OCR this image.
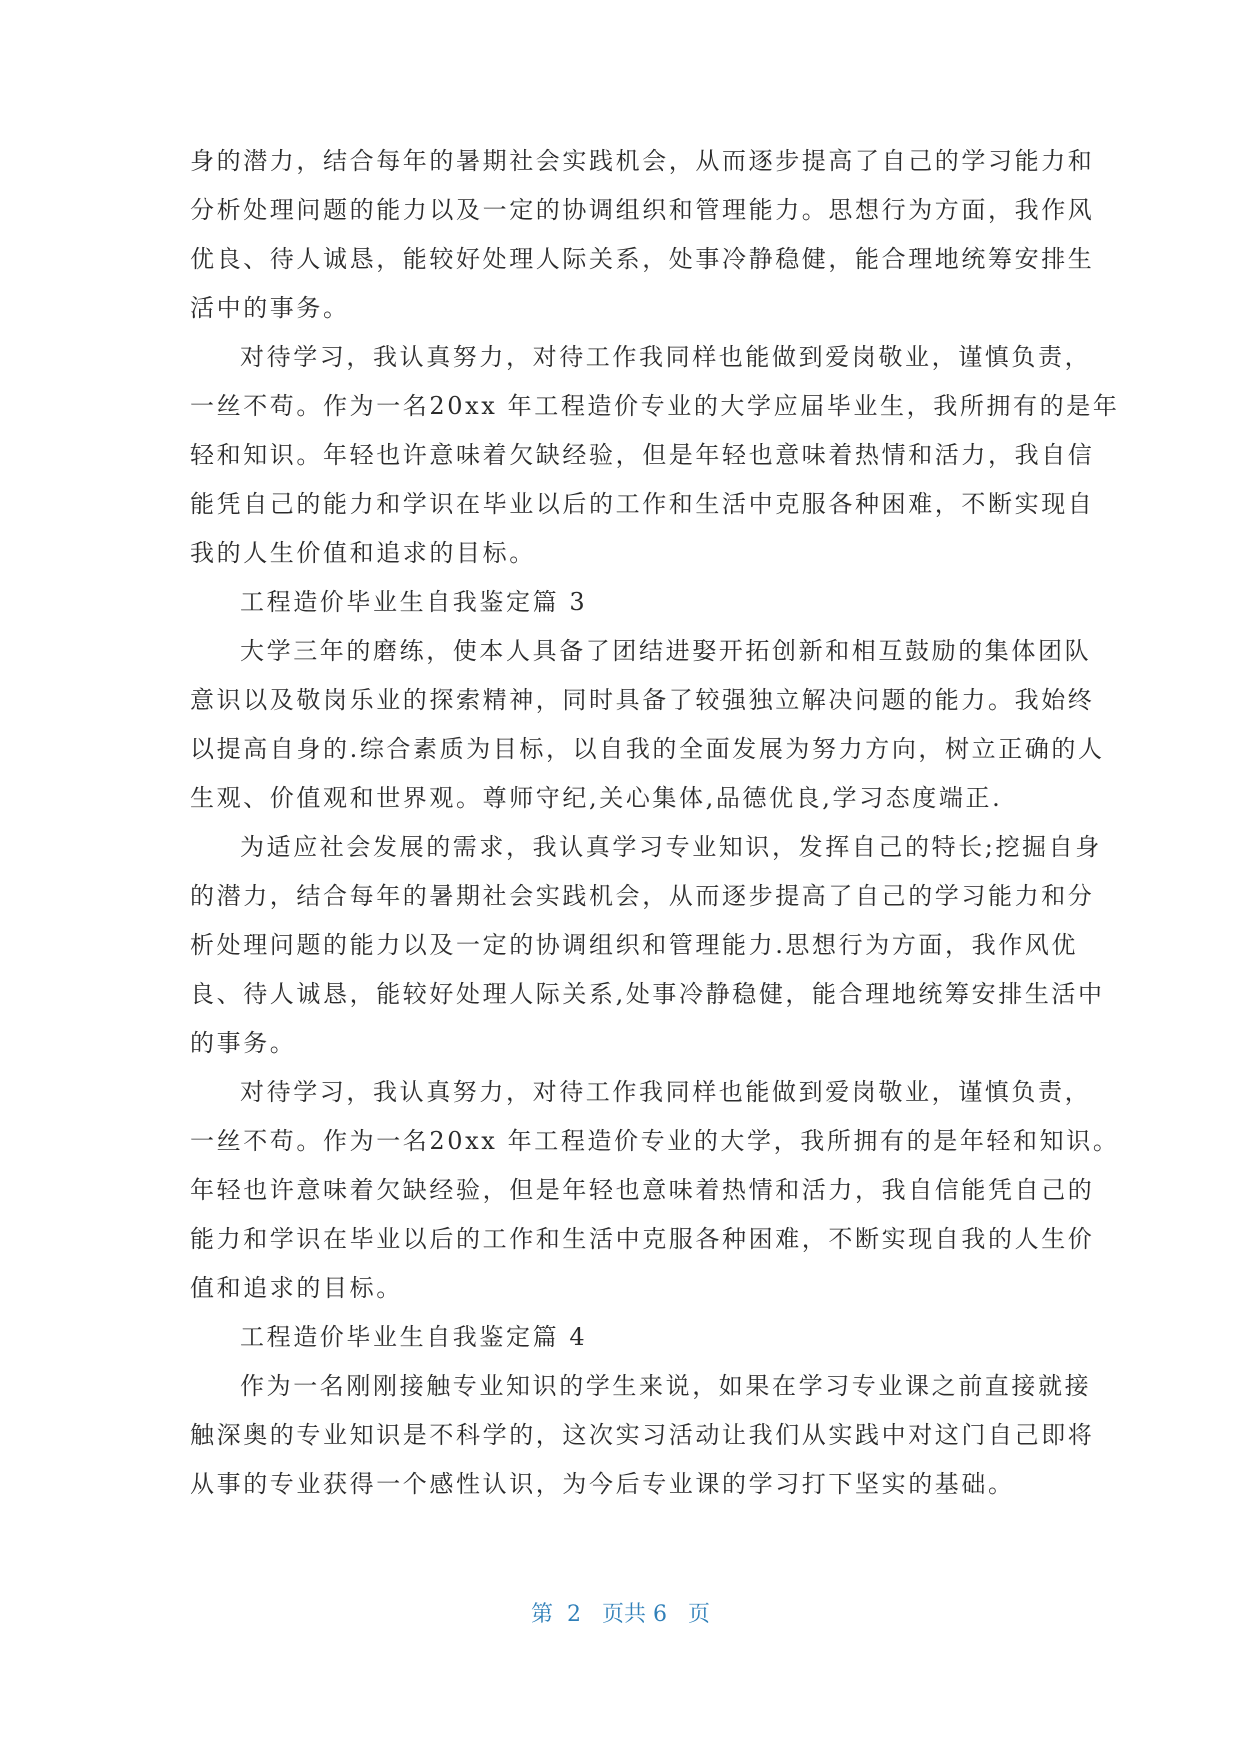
身的潜力，结合每年的暑期社会实践机会，从而逐步提高了自己的学习能力和
分析处理问题的能力以及一定的协调组织和管理能力。思想行为方面，我作风
优良、待人诚恳，能较好处理人际关系，处事冷静稳健，能合理地统筹安排生
活中的事务。
对待学习，我认真努力，对待工作我同样也能做到爱岗敬业，谨慎负责，
一丝不苟。作为一名20xx 年工程造价专业的大学应届毕业生，我所拥有的是年
轻和知识。年轻也许意味着欠缺经验，但是年轻也意味着热情和活力，我自信
能凭自己的能力和学识在毕业以后的工作和生活中克服各种困难，不断实现自
我的人生价值和追求的目标。
工程造价毕业生自我鉴定篇 3
大学三年的磨练，使本人具备了团结进娶开拓创新和相互鼓励的集体团队
意识以及敬岗乐业的探索精神，同时具备了较强独立解决问题的能力。我始终
以提高自身的.综合素质为目标，以自我的全面发展为努力方向，树立正确的人
生观、价值观和世界观。尊师守纪,关心集体,品德优良,学习态度端正.
为适应社会发展的需求，我认真学习专业知识，发挥自己的特长;挖掘自身
的潜力，结合每年的暑期社会实践机会，从而逐步提高了自己的学习能力和分
析处理问题的能力以及一定的协调组织和管理能力.思想行为方面，我作风优
良、待人诚恳，能较好处理人际关系,处事冷静稳健，能合理地统筹安排生活中
的事务。
对待学习，我认真努力，对待工作我同样也能做到爱岗敬业，谨慎负责，
一丝不苟。作为一名20xx 年工程造价专业的大学，我所拥有的是年轻和知识。
年轻也许意味着欠缺经验，但是年轻也意味着热情和活力，我自信能凭自己的
能力和学识在毕业以后的工作和生活中克服各种困难，不断实现自我的人生价
值和追求的目标。
工程造价毕业生自我鉴定篇 4
作为一名刚刚接触专业知识的学生来说，如果在学习专业课之前直接就接
触深奥的专业知识是不科学的，这次实习活动让我们从实践中对这门自己即将
从事的专业获得一个感性认识，为今后专业课的学习打下坚实的基础。
第  2   页共 6   页
